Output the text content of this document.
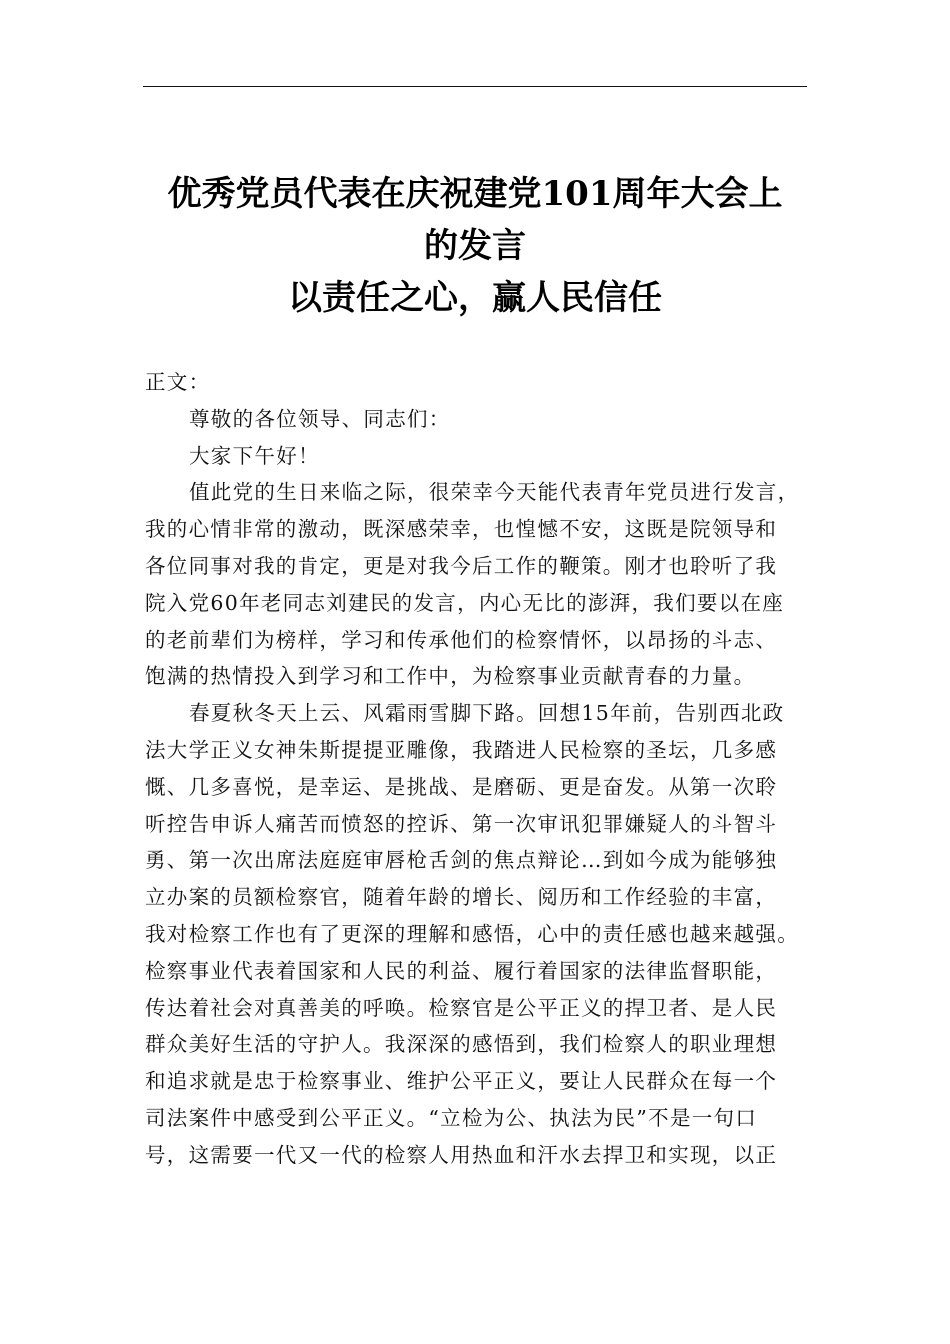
优秀党员代表在庆祝建党101周年大会上
的发言
以责任之心，赢人民信任
正文：
尊敬的各位领导、同志们：
大家下午好！
值此党的生日来临之际，很荣幸今天能代表青年党员进行发言，
我的心情非常的激动，既深感荣幸，也惶憾不安，这既是院领导和
各位同事对我的肯定，更是对我今后工作的鞭策。刚才也聆听了我
院入党60年老同志刘建民的发言，内心无比的澎湃，我们要以在座
的老前辈们为榜样，学习和传承他们的检察情怀，以昂扬的斗志、
饱满的热情投入到学习和工作中，为检察事业贡献青春的力量。
春夏秋冬天上云、风霜雨雪脚下路。回想15年前，告别西北政
法大学正义女神朱斯提提亚雕像，我踏进人民检察的圣坛，几多感
慨、几多喜悦，是幸运、是挑战、是磨砺、更是奋发。从第一次聆
听控告申诉人痛苦而愤怒的控诉、第一次审讯犯罪嫌疑人的斗智斗
勇、第一次出席法庭庭审唇枪舌剑的焦点辩论…到如今成为能够独
立办案的员额检察官，随着年龄的增长、阅历和工作经验的丰富，
我对检察工作也有了更深的理解和感悟，心中的责任感也越来越强。
检察事业代表着国家和人民的利益、履行着国家的法律监督职能，
传达着社会对真善美的呼唤。检察官是公平正义的捍卫者、是人民
群众美好生活的守护人。我深深的感悟到，我们检察人的职业理想
和追求就是忠于检察事业、维护公平正义，要让人民群众在每一个
司法案件中感受到公平正义。“立检为公、执法为民”不是一句口
号，这需要一代又一代的检察人用热血和汗水去捍卫和实现，以正
